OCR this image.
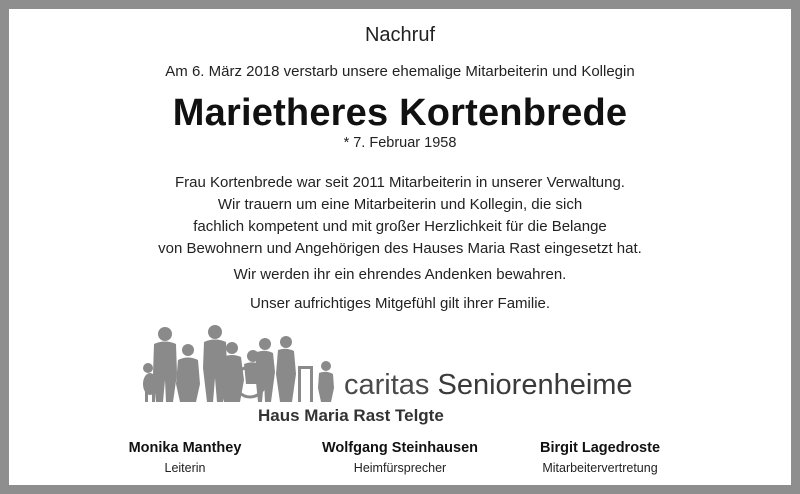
Nachruf
Am 6. März 2018 verstarb unsere ehemalige Mitarbeiterin und Kollegin
Marietheres Kortenbrede
* 7. Februar 1958
Frau Kortenbrede war seit 2011 Mitarbeiterin in unserer Verwaltung.
Wir trauern um eine Mitarbeiterin und Kollegin, die sich
fachlich kompetent und mit großer Herzlichkeit für die Belange
von Bewohnern und Angehörigen des Hauses Maria Rast eingesetzt hat.
Wir werden ihr ein ehrendes Andenken bewahren.
Unser aufrichtiges Mitgefühl gilt ihrer Familie.
caritas Seniorenheime
Haus Maria Rast Telgte
Monika Manthey
Leiterin
Wolfgang Steinhausen
Heimfürsprecher
Birgit Lagedroste
Mitarbeitervertretung
